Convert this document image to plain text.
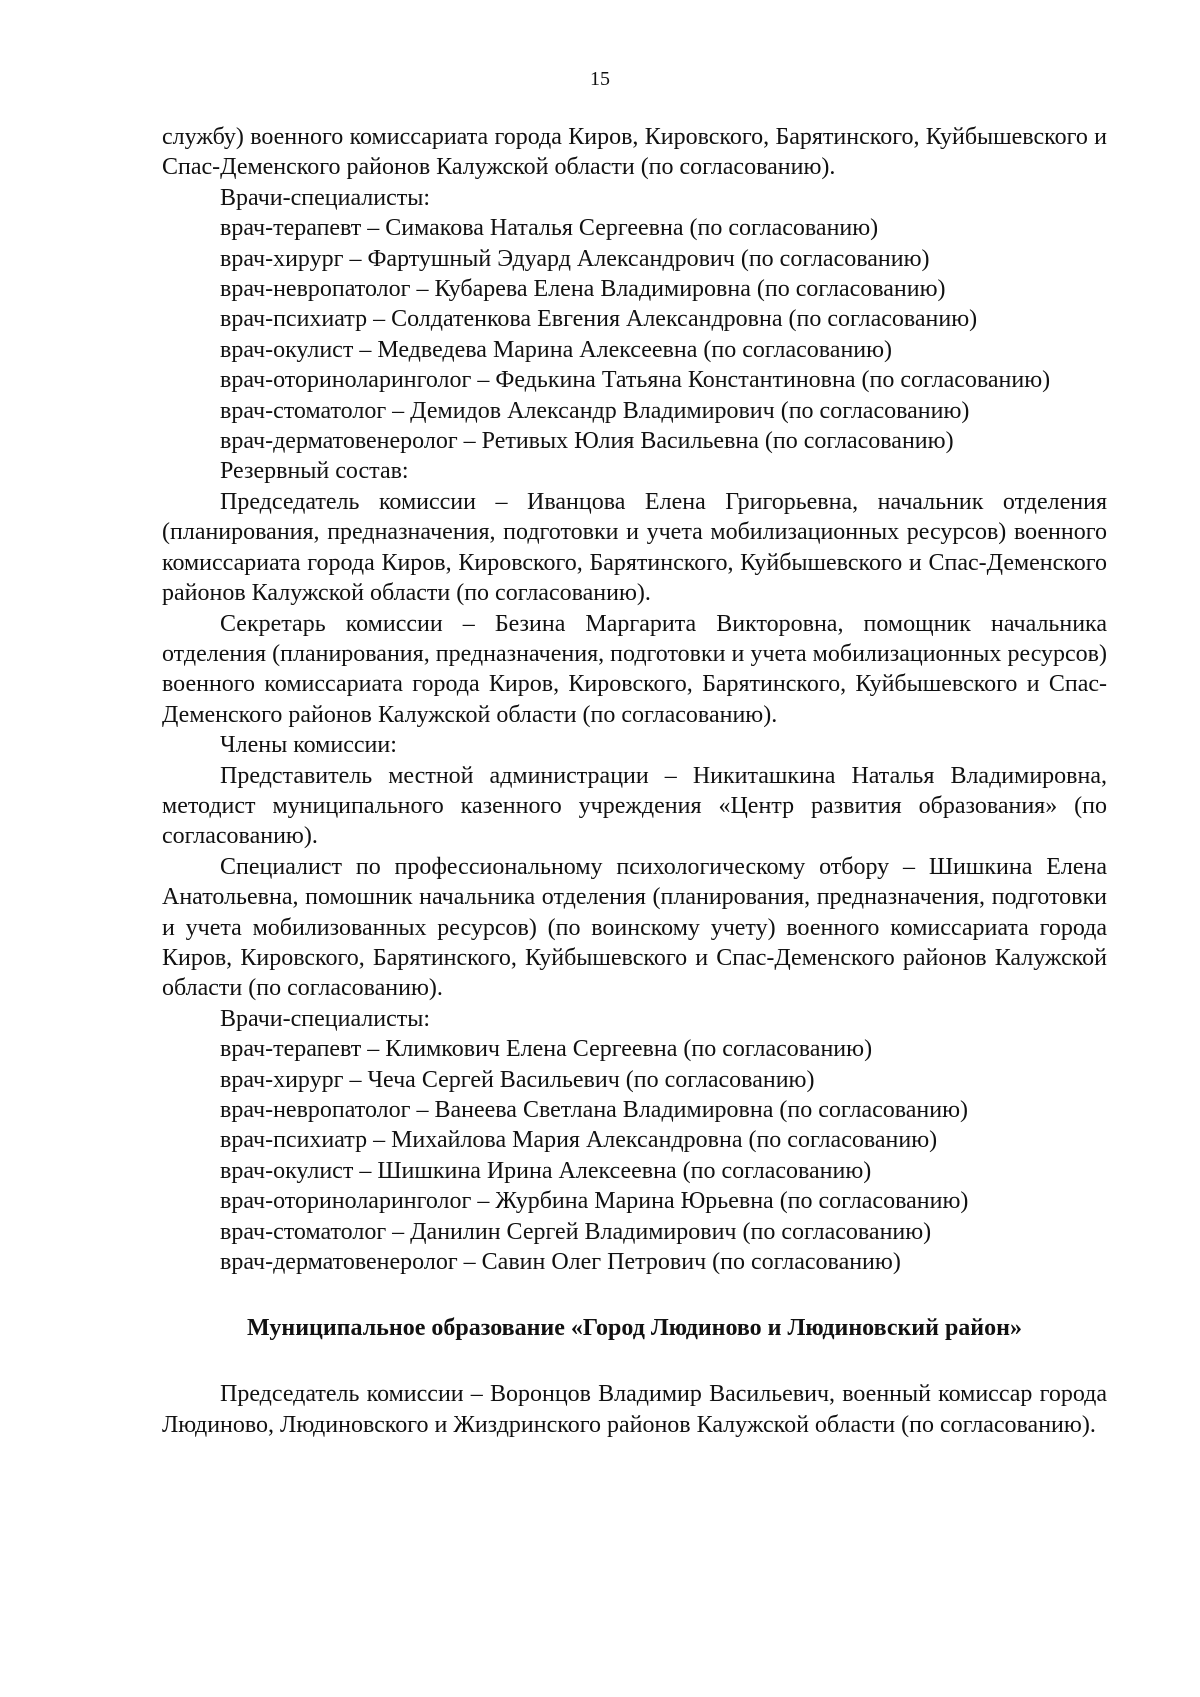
15

службу) военного комиссариата города Киров, Кировского, Барятинского, Куйбышевского и Спас-Деменского районов Калужской области (по согласованию).

Врачи-специалисты:

врач-терапевт – Симакова Наталья Сергеевна (по согласованию)

врач-хирург – Фартушный Эдуард Александрович (по согласованию)

врач-невропатолог – Кубарева Елена Владимировна (по согласованию)

врач-психиатр – Солдатенкова Евгения Александровна (по согласованию)

врач-окулист – Медведева Марина Алексеевна (по согласованию)

врач-оториноларинголог – Федькина Татьяна Константиновна (по согласованию)

врач-стоматолог – Демидов Александр Владимирович (по согласованию)

врач-дерматовенеролог – Ретивых Юлия Васильевна (по согласованию)

Резервный состав:

Председатель комиссии – Иванцова Елена Григорьевна, начальник отделения (планирования, предназначения, подготовки и учета мобилизационных ресурсов) военного комиссариата города Киров, Кировского, Барятинского, Куйбышевского и Спас-Деменского районов Калужской области (по согласованию).

Секретарь комиссии – Безина Маргарита Викторовна, помощник начальника отделения (планирования, предназначения, подготовки и учета мобилизационных ресурсов) военного комиссариата города Киров, Кировского, Барятинского, Куйбышевского и Спас-Деменского районов Калужской области (по согласованию).

Члены комиссии:

Представитель местной администрации – Никиташкина Наталья Владимировна, методист муниципального казенного учреждения «Центр развития образования» (по согласованию).

Специалист по профессиональному психологическому отбору – Шишкина Елена Анатольевна, помошник начальника отделения (планирования, предназначения, подготовки и учета мобилизованных ресурсов) (по воинскому учету) военного комиссариата города Киров, Кировского, Барятинского, Куйбышевского и Спас-Деменского районов Калужской области (по согласованию).

Врачи-специалисты:

врач-терапевт – Климкович Елена Сергеевна (по согласованию)

врач-хирург – Чеча Сергей Васильевич (по согласованию)

врач-невропатолог – Ванеева Светлана Владимировна (по согласованию)

врач-психиатр – Михайлова Мария Александровна (по согласованию)

врач-окулист – Шишкина Ирина Алексеевна (по согласованию)

врач-оториноларинголог – Журбина Марина Юрьевна (по согласованию)

врач-стоматолог – Данилин Сергей Владимирович (по согласованию)

врач-дерматовенеролог – Савин Олег Петрович (по согласованию)

Муниципальное образование «Город Людиново и Людиновский район»

Председатель комиссии – Воронцов Владимир Васильевич, военный комиссар города Людиново, Людиновского и Жиздринского районов Калужской области (по согласованию).
